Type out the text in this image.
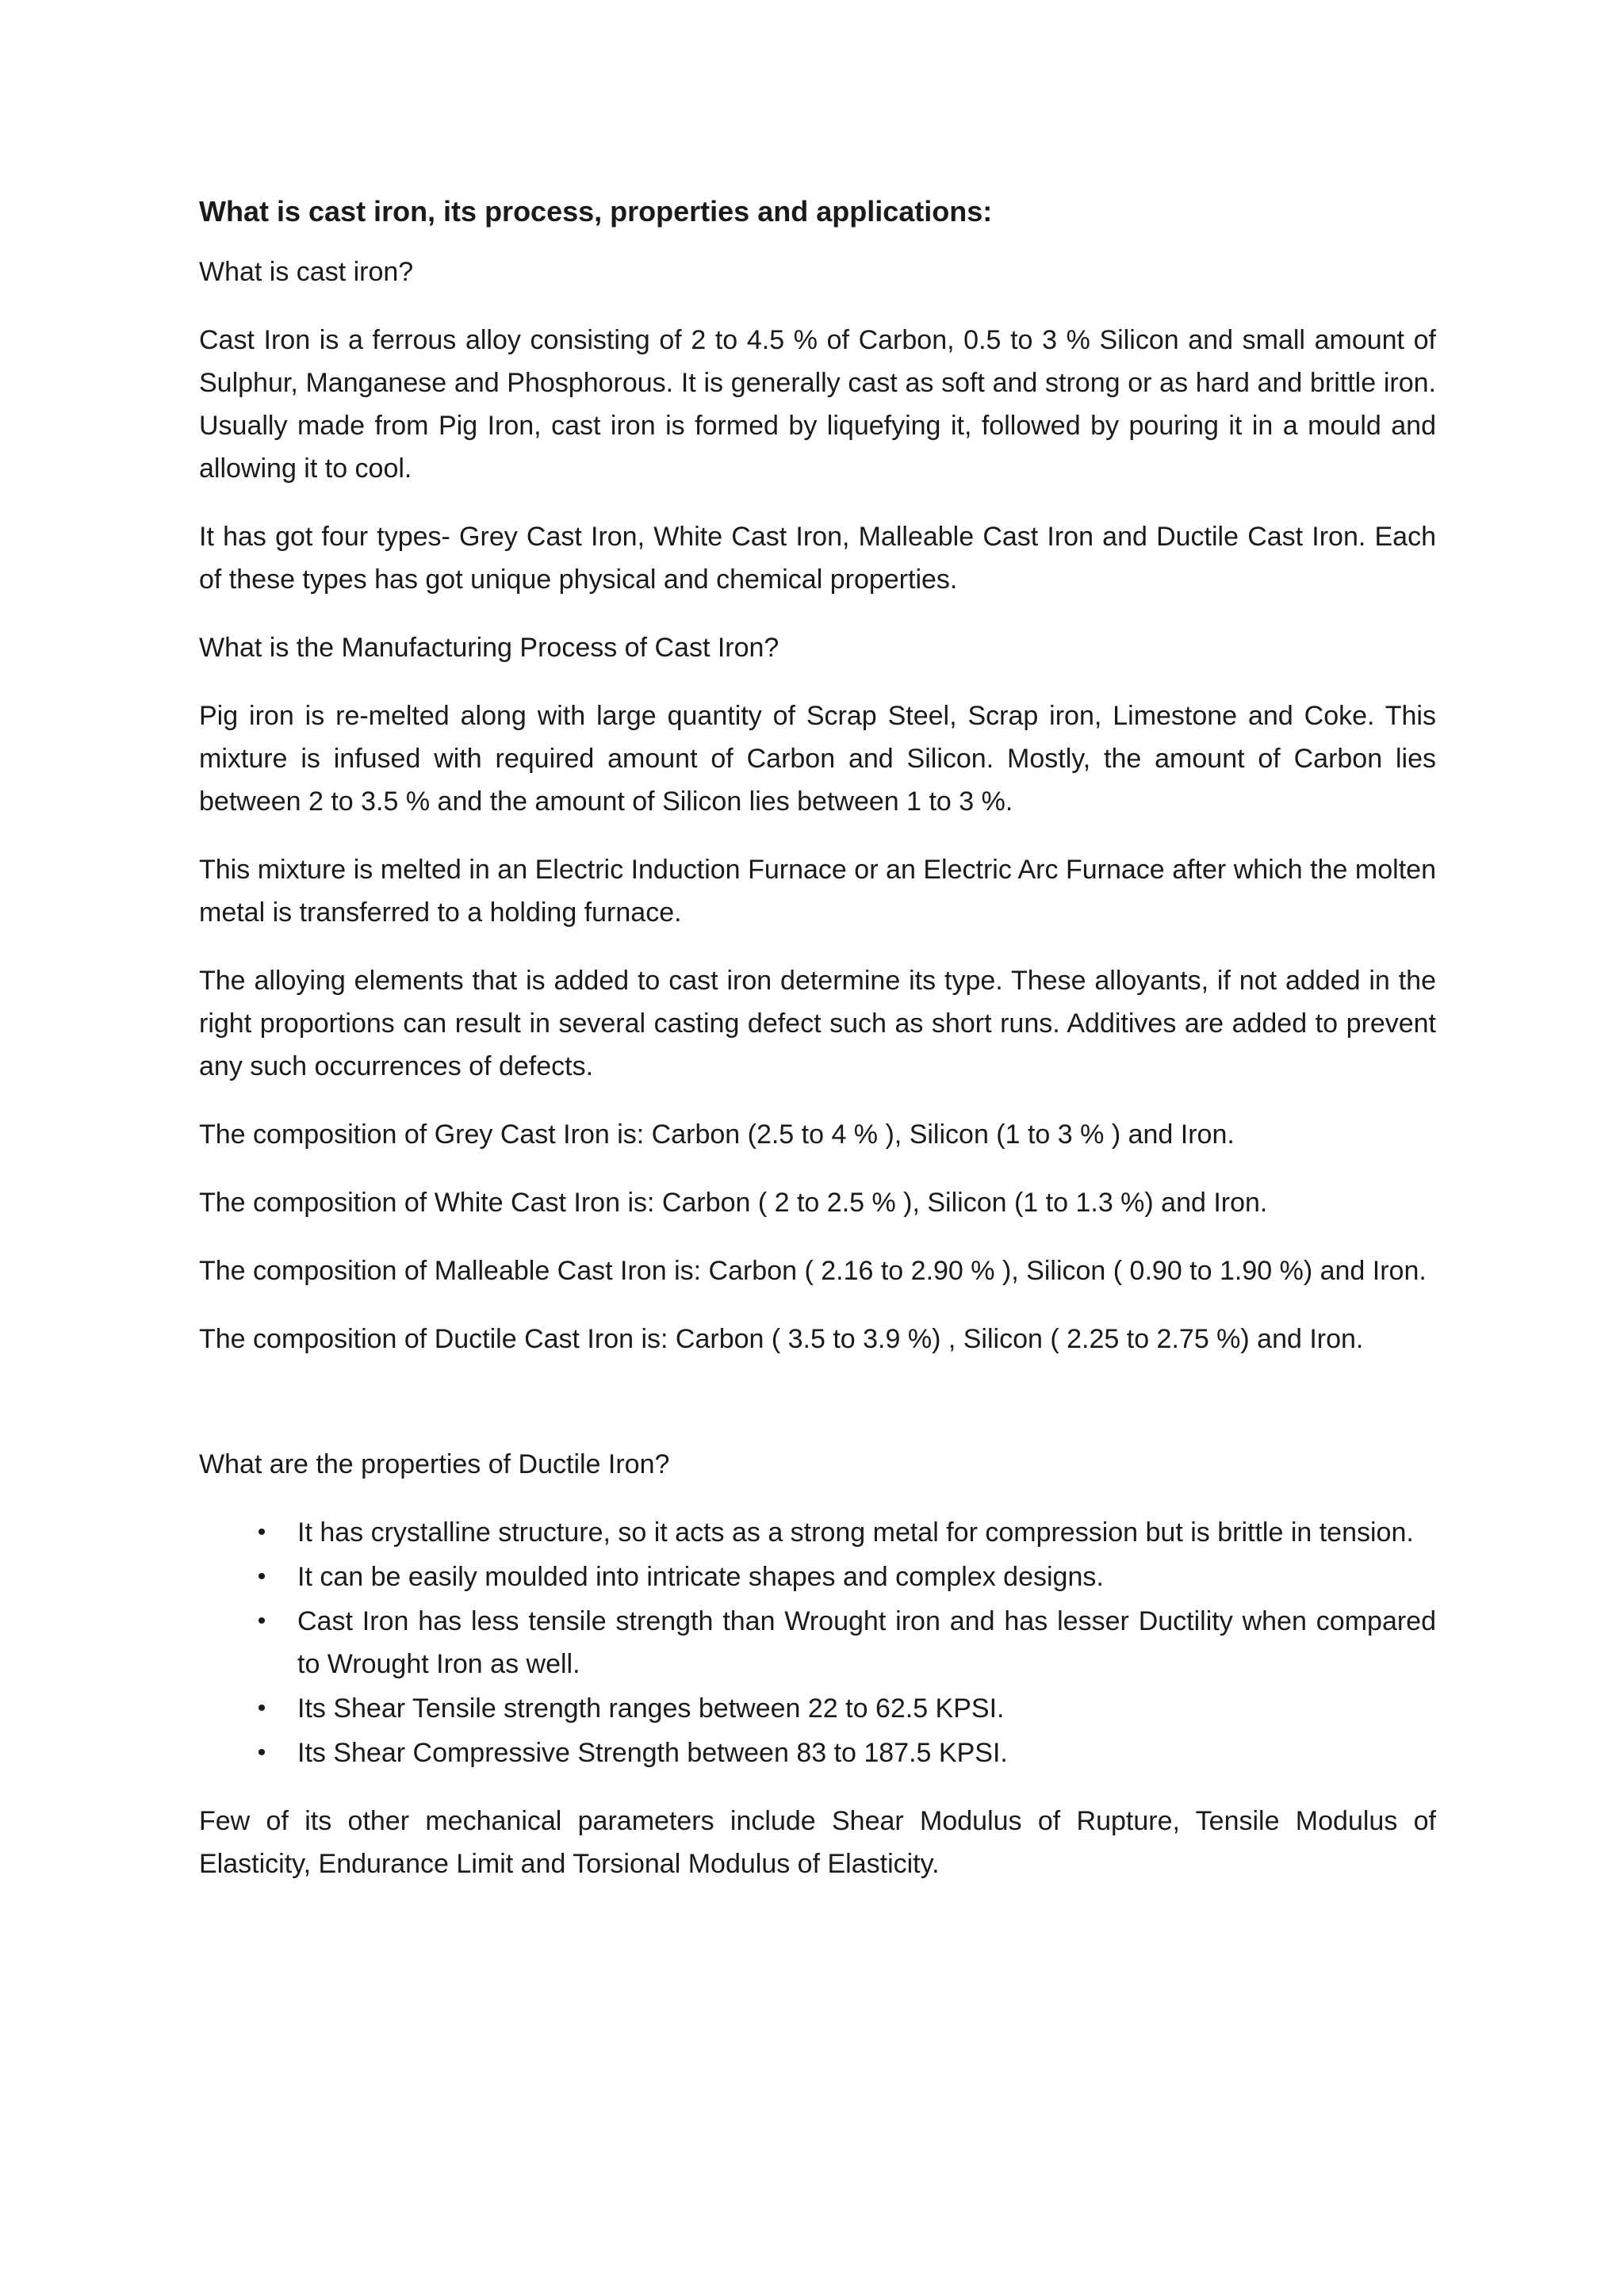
What is cast iron, its process, properties and applications:

What is cast iron?

Cast Iron is a ferrous alloy consisting of 2 to 4.5 % of Carbon, 0.5 to 3 % Silicon and small amount of Sulphur, Manganese and Phosphorous. It is generally cast as soft and strong or as hard and brittle iron. Usually made from Pig Iron, cast iron is formed by liquefying it, followed by pouring it in a mould and allowing it to cool.

It has got four types- Grey Cast Iron, White Cast Iron, Malleable Cast Iron and Ductile Cast Iron. Each of these types has got unique physical and chemical properties.

What is the Manufacturing Process of Cast Iron?

Pig iron is re-melted along with large quantity of Scrap Steel, Scrap iron, Limestone and Coke. This mixture is infused with required amount of Carbon and Silicon. Mostly, the amount of Carbon lies between 2 to 3.5 % and the amount of Silicon lies between 1 to 3 %.

This mixture is melted in an Electric Induction Furnace or an Electric Arc Furnace after which the molten metal is transferred to a holding furnace.

The alloying elements that is added to cast iron determine its type. These alloyants, if not added in the right proportions can result in several casting defect such as short runs. Additives are added to prevent any such occurrences of defects.

The composition of Grey Cast Iron is: Carbon (2.5 to 4 % ), Silicon (1 to 3 % ) and Iron.

The composition of White Cast Iron is: Carbon ( 2 to 2.5 % ), Silicon (1 to 1.3 %) and Iron.

The composition of Malleable Cast Iron is: Carbon ( 2.16 to 2.90 % ), Silicon ( 0.90 to 1.90 %) and Iron.

The composition of Ductile Cast Iron is: Carbon ( 3.5 to 3.9 %) , Silicon ( 2.25 to 2.75 %) and Iron.

What are the properties of Ductile Iron?

• It has crystalline structure, so it acts as a strong metal for compression but is brittle in tension.
• It can be easily moulded into intricate shapes and complex designs.
• Cast Iron has less tensile strength than Wrought iron and has lesser Ductility when compared to Wrought Iron as well.
• Its Shear Tensile strength ranges between 22 to 62.5 KPSI.
• Its Shear Compressive Strength between 83 to 187.5 KPSI.

Few of its other mechanical parameters include Shear Modulus of Rupture, Tensile Modulus of Elasticity, Endurance Limit and Torsional Modulus of Elasticity.
